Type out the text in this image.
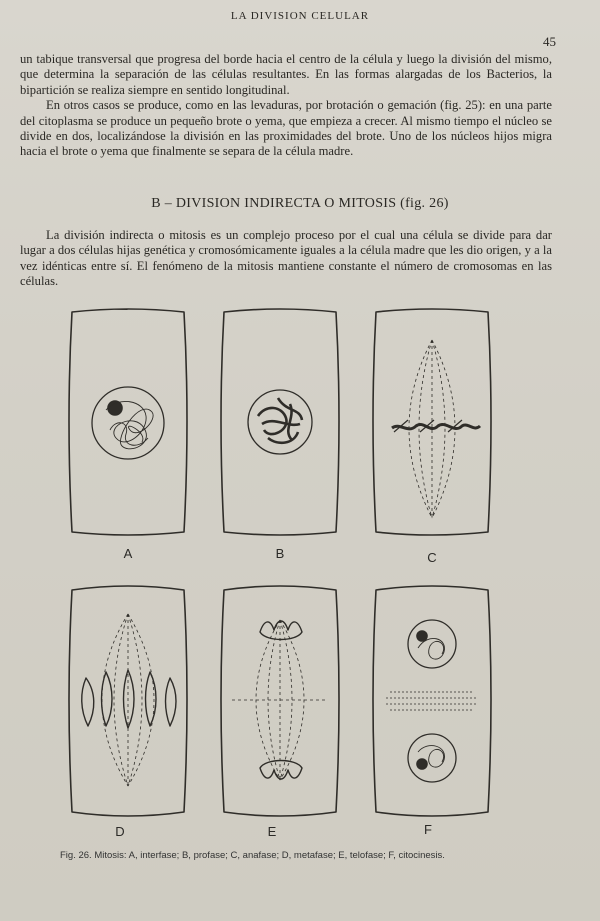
LA DIVISION CELULAR
45

un tabique transversal que progresa del borde hacia el centro de la célula y luego la división del mismo, que determina la separación de las células resultantes. En las formas alargadas de los Bacterios, la bipartición se realiza siempre en sentido longitudinal.

En otros casos se produce, como en las levaduras, por brotación o gemación (fig. 25): en una parte del citoplasma se produce un pequeño brote o yema, que empieza a crecer. Al mismo tiempo el núcleo se divide en dos, localizándose la división en las proximidades del brote. Uno de los núcleos hijos migra hacia el brote o yema que finalmente se separa de la célula madre.

B – DIVISION INDIRECTA O MITOSIS (fig. 26)

La división indirecta o mitosis es un complejo proceso por el cual una célula se divide para dar lugar a dos células hijas genética y cromosómicamente iguales a la célula madre que les dio origen, y a la vez idénticas entre sí. El fenómeno de la mitosis mantiene constante el número de cromosomas en las células.

A	B	C
D	E	F
Fig. 26. Mitosis: A, interfase; B, profase; C, anafase; D, metafase; E, telofase; F, citocinesis.
